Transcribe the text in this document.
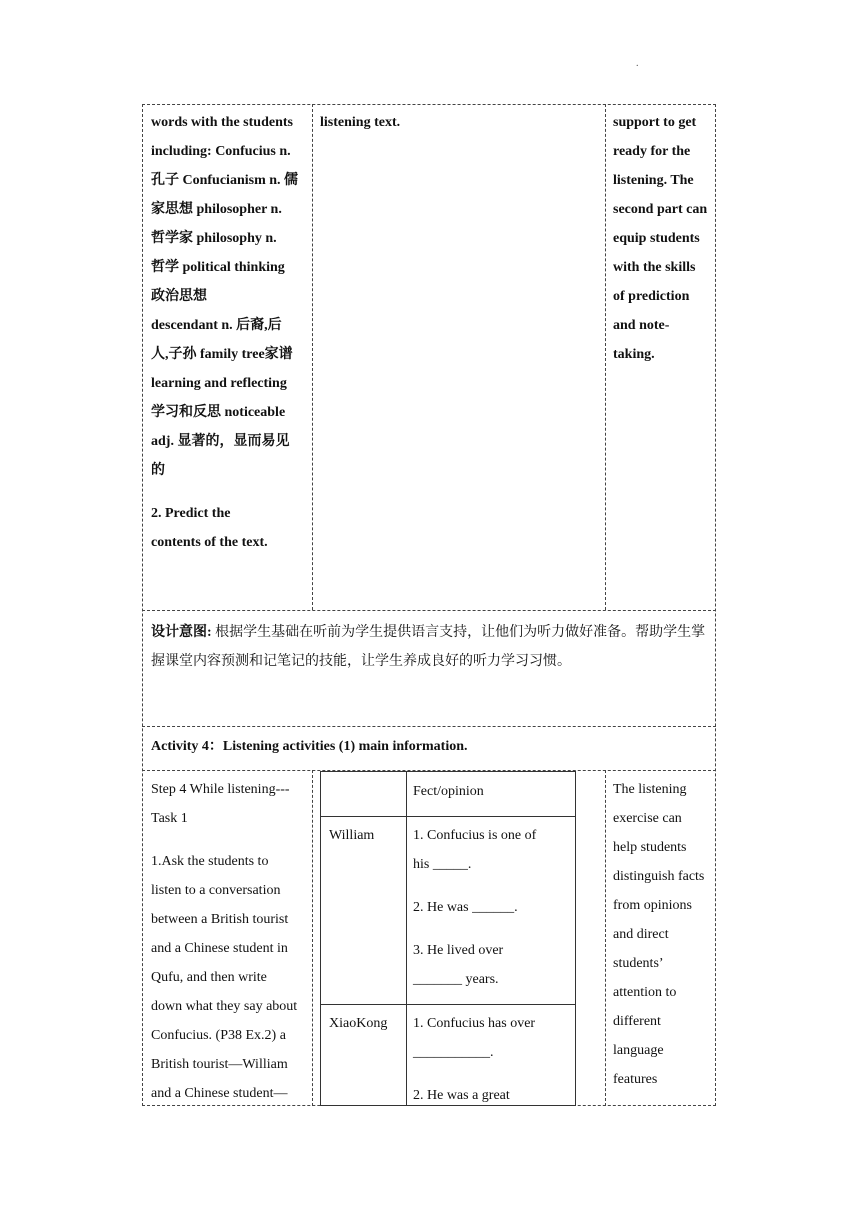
.
words with the students
including: Confucius n.
孔子 Confucianism n. 儒
家思想 philosopher n.
哲学家 philosophy n.
哲学 political thinking
政治思想
descendant n. 后裔,后
人,子孙 family tree家谱
learning and reflecting
学习和反思 noticeable
adj. 显著的，显而易见
的
2. Predict the
contents of the text.

listening text.	support to get
ready for the
listening. The
second part can
equip students
with the skills
of prediction
and note-
taking.
设计意图: 根据学生基础在听前为学生提供语言支持，让他们为听力做好准备。帮助学生掌握课堂内容预测和记笔记的技能，让学生养成良好的听力学习习惯。
Activity 4：Listening activities (1) main information.
Step 4 While listening---
Task 1
1.Ask the students to
listen to a conversation
between a British tourist
and a Chinese student in
Qufu, and then write
down what they say about
Confucius. (P38 Ex.2) a
British tourist—William
and a Chinese student—
Fect/opinion
William	1. Confucius is one of
his _____.
2. He was ______.
3. He lived over
_______ years.
XiaoKong 1. Confucius has over
___________.
2. He was a great
The listening
exercise can
help students
distinguish facts
from opinions
and direct
students’
attention to
different
language
features
